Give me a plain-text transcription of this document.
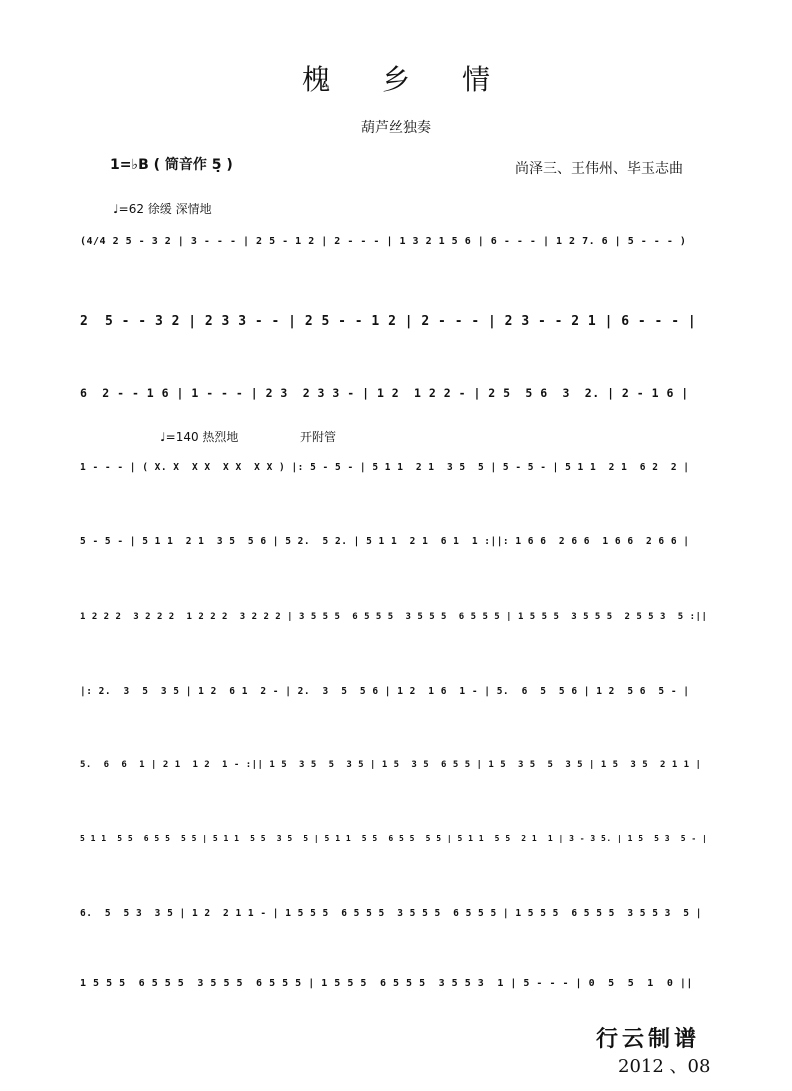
槐乡情
葫芦丝独奏
1=♭B ( 筒音作 5̣ )	尚泽三、王伟州、毕玉志曲
♩=62 徐缓 深情地
♩=140 热烈地	开附管
(4/4 2 5 - 3 2 | 3 - - - | 2 5 - 1 2 | 2 - - - | 1 3 2 1 5 6 | 6 - - - | 1 2 7. 6 | 5 - - - )
2  5 - - 3 2 | 2 3 3 - - | 2 5 - - 1 2 | 2 - - - | 2 3 - - 2 1 | 6 - - - |
6  2 - - 1 6 | 1 - - - | 2 3  2 3 3 - | 1 2  1 2 2 - | 2 5  5 6  3  2. | 2 - 1 6 |
1 - - - | ( X. X  X X  X X  X X ) |: 5 - 5 - | 5 1 1  2 1  3 5  5 | 5 - 5 - | 5 1 1  2 1  6 2  2 |
5 - 5 - | 5 1 1  2 1  3 5  5 6 | 5 2.  5 2. | 5 1 1  2 1  6 1  1 :||: 1 6 6  2 6 6  1 6 6  2 6 6 |
1 2 2 2  3 2 2 2  1 2 2 2  3 2 2 2 | 3 5 5 5  6 5 5 5  3 5 5 5  6 5 5 5 | 1 5 5 5  3 5 5 5  2 5 5 3  5 :||
|: 2.  3  5  3 5 | 1 2  6 1  2 - | 2.  3  5  5 6 | 1 2  1 6  1 - | 5.  6  5  5 6 | 1 2  5 6  5 - |
5.  6  6  1 | 2 1  1 2  1 - :|| 1 5  3 5  5  3 5 | 1 5  3 5  6 5 5 | 1 5  3 5  5  3 5 | 1 5  3 5  2 1 1 |
5 1 1  5 5  6 5 5  5 5 | 5 1 1  5 5  3 5  5 | 5 1 1  5 5  6 5 5  5 5 | 5 1 1  5 5  2 1  1 | 3 - 3 5. | 1 5  5 3  5 - |
6.  5  5 3  3 5 | 1 2  2 1 1 - | 1 5 5 5  6 5 5 5  3 5 5 5  6 5 5 5 | 1 5 5 5  6 5 5 5  3 5 5 3  5 |
1 5 5 5  6 5 5 5  3 5 5 5  6 5 5 5 | 1 5 5 5  6 5 5 5  3 5 5 3  1 | 5 - - - | 0  5  5  1  0 ||
行云制谱
2012 、08
